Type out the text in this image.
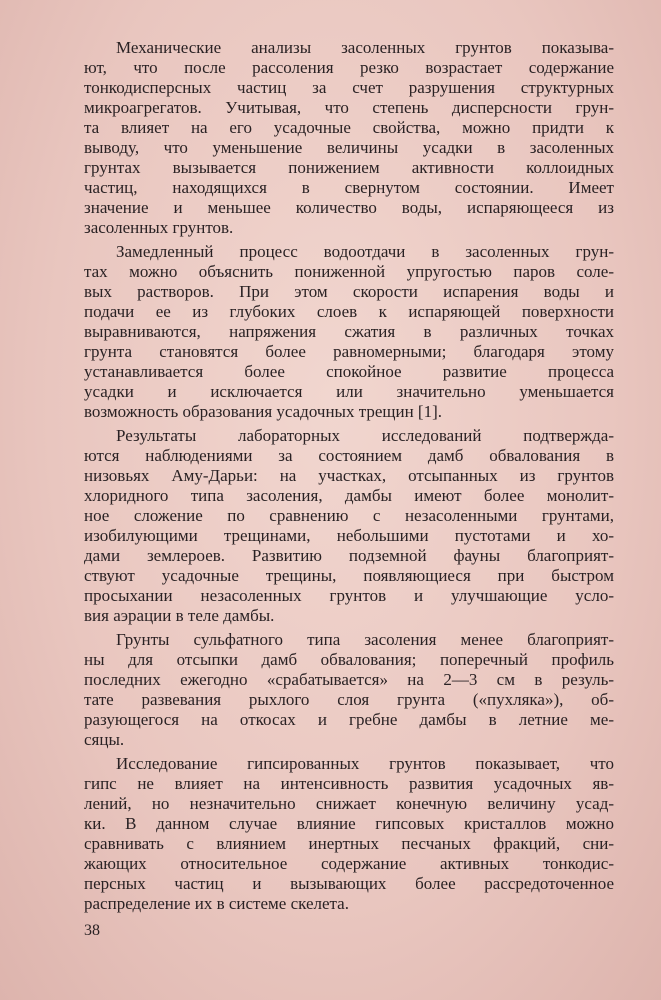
Механические анализы засоленных грунтов показыва-
ют, что после рассоления резко возрастает содержание
тонкодисперсных частиц за счет разрушения структурных
микроагрегатов. Учитывая, что степень дисперсности грун-
та влияет на его усадочные свойства, можно придти к
выводу, что уменьшение величины усадки в засоленных
грунтах вызывается понижением активности коллоидных
частиц, находящихся в свернутом состоянии. Имеет
значение и меньшее количество воды, испаряющееся из
засоленных грунтов.
Замедленный процесс водоотдачи в засоленных грун-
тах можно объяснить пониженной упругостью паров соле-
вых растворов. При этом скорости испарения воды и
подачи ее из глубоких слоев к испаряющей поверхности
выравниваются, напряжения сжатия в различных точках
грунта становятся более равномерными; благодаря этому
устанавливается более спокойное развитие процесса
усадки и исключается или значительно уменьшается
возможность образования усадочных трещин [1].
Результаты лабораторных исследований подтвержда-
ются наблюдениями за состоянием дамб обвалования в
низовьях Аму-Дарьи: на участках, отсыпанных из грунтов
хлоридного типа засоления, дамбы имеют более монолит-
ное сложение по сравнению с незасоленными грунтами,
изобилующими трещинами, небольшими пустотами и хо-
дами землероев. Развитию подземной фауны благоприят-
ствуют усадочные трещины, появляющиеся при быстром
просыхании незасоленных грунтов и улучшающие усло-
вия аэрации в теле дамбы.
Грунты сульфатного типа засоления менее благоприят-
ны для отсыпки дамб обвалования; поперечный профиль
последних ежегодно «срабатывается» на 2—3 см в резуль-
тате развевания рыхлого слоя грунта («пухляка»), об-
разующегося на откосах и гребне дамбы в летние ме-
сяцы.
Исследование гипсированных грунтов показывает, что
гипс не влияет на интенсивность развития усадочных яв-
лений, но незначительно снижает конечную величину усад-
ки. В данном случае влияние гипсовых кристаллов можно
сравнивать с влиянием инертных песчаных фракций, сни-
жающих относительное содержание активных тонкодис-
персных частиц и вызывающих более рассредоточенное
распределение их в системе скелета.
38
